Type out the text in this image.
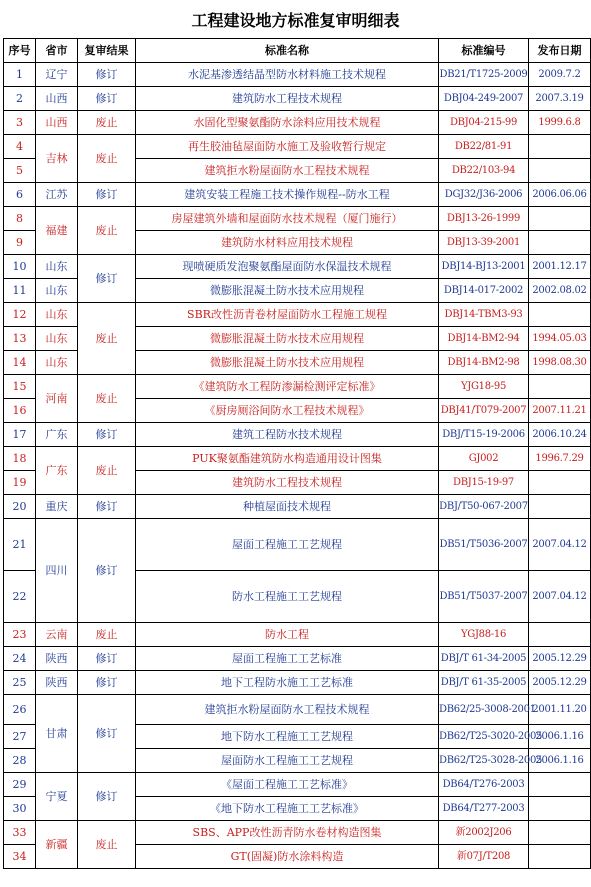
工程建设地方标准复审明细表
序号	省市	复审结果	标准名称	标准编号	发布日期
1	辽宁	修订	水泥基渗透结晶型防水材料施工技术规程	DB21/T1725-2009	2009.7.2
2	山西	修订	建筑防水工程技术规程	DBJ04-249-2007	2007.3.19
3	山西	废止	水固化型聚氨酯防水涂料应用技术规程	DBJ04-215-99	1999.6.8
4	吉林	废止	再生胶油毡屋面防水施工及验收暂行规定	DB22/81-91	
5			建筑拒水粉屋面防水工程技术规程	DB22/103-94	
6	江苏	修订	建筑安装工程施工技术操作规程--防水工程	DGJ32/J36-2006	2006.06.06
8	福建	废止	房屋建筑外墙和屋面防水技术规程（厦门施行）	DBJ13-26-1999	
9			建筑防水材料应用技术规程	DBJ13-39-2001	
10	山东	修订	现喷硬质发泡聚氨酯屋面防水保温技术规程	DBJ14-BJ13-2001	2001.12.17
11	山东		微膨胀混凝土防水技术应用规程	DBJ14-017-2002	2002.08.02
12	山东	废止	SBR改性沥青卷材屋面防水工程施工规程	DBJ14-TBM3-93	
13	山东		微膨胀混凝土防水技术应用规程	DBJ14-BM2-94	1994.05.03
14	山东		微膨胀混凝土防水技术应用规程	DBJ14-BM2-98	1998.08.30
15	河南	废止	《建筑防水工程防渗漏检测评定标准》	YJG18-95	
16			《厨房厕浴间防水工程技术规程》	DBJ41/T079-2007	2007.11.21
17	广东	修订	建筑工程防水技术规程	DBJ/T15-19-2006	2006.10.24
18	广东	废止	PUK聚氨酯建筑防水构造通用设计图集	GJ002	1996.7.29
19			建筑防水工程技术规程	DBJ15-19-97	
20	重庆	修订	种植屋面技术规程	DBJ/T50-067-2007	
21	四川	修订	屋面工程施工工艺规程	DB51/T5036-2007	2007.04.12
22			防水工程施工工艺规程	DB51/T5037-2007	2007.04.12
23	云南	废止	防水工程	YGJ88-16	
24	陕西	修订	屋面工程施工工艺标准	DBJ/T 61-34-2005	2005.12.29
25	陕西	修订	地下工程防水施工工艺标准	DBJ/T 61-35-2005	2005.12.29
26	甘肃	修订	建筑拒水粉屋面防水工程技术规程	DB62/25-3008-2001	2001.11.20
27			地下防水工程施工工艺规程	DB62/T25-3020-2005	2006.1.16
28			屋面防水工程施工工艺规程	DB62/T25-3028-2005	2006.1.16
29	宁夏	修订	《屋面工程施工工艺标准》	DB64/T276-2003	
30			《地下防水工程施工工艺标准》	DB64/T277-2003	
33	新疆	废止	SBS、APP改性沥青防水卷材构造图集	新2002J206	
34			GT(固凝)防水涂料构造	新07J/T208	
